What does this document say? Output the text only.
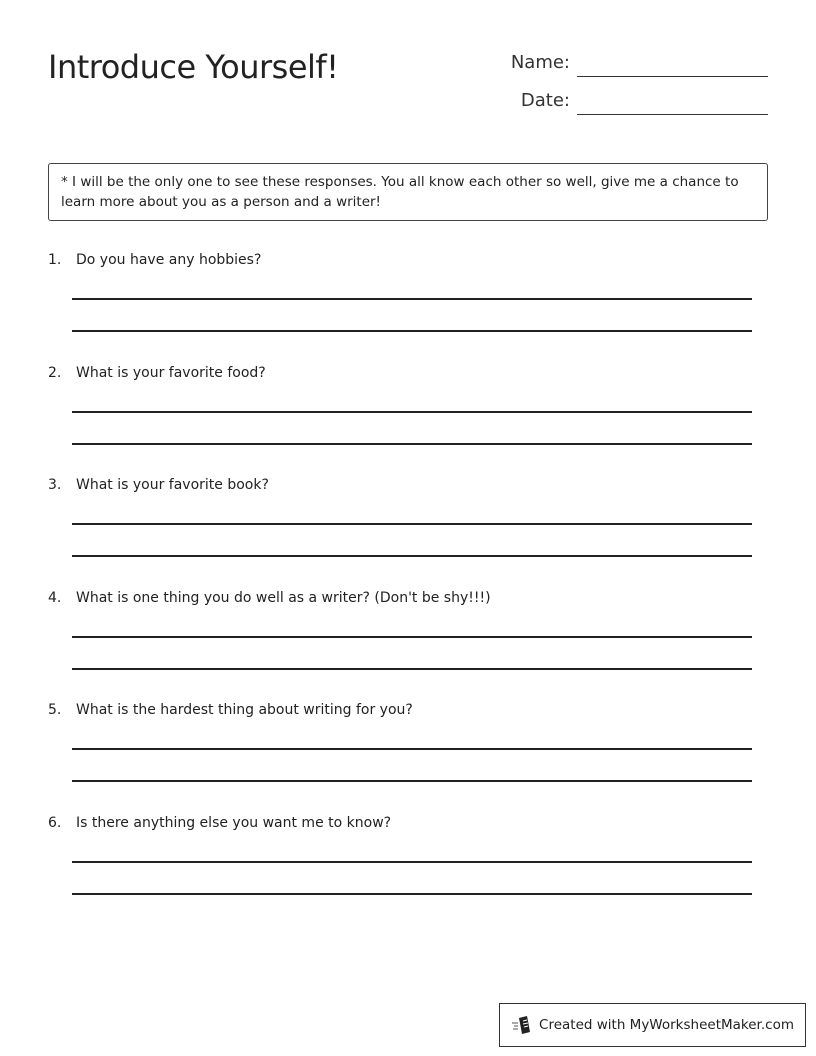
Introduce Yourself!	Name:
Date:
* I will be the only one to see these responses. You all know each other so well, give me a chance to learn more about you as a person and a writer!
1. Do you have any hobbies?
2. What is your favorite food?
3. What is your favorite book?
4. What is one thing you do well as a writer? (Don't be shy!!!)
5. What is the hardest thing about writing for you?
6. Is there anything else you want me to know?
Created with MyWorksheetMaker.com
